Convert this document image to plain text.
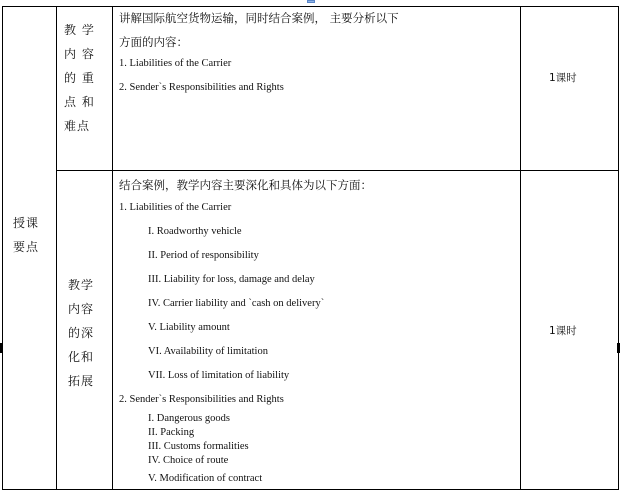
授课
要点
教 学
内 容
的 重
点 和
难点
讲解国际航空货物运输，同时结合案例， 主要分析以下
方面的内容：
1. Liabilities of the Carrier
2. Sender`s Responsibilities and Rights
1课时
教学
内容
的深
化和
拓展
结合案例，教学内容主要深化和具体为以下方面：
1. Liabilities of the Carrier
I. Roadworthy vehicle
II. Period of responsibility
III. Liability for loss, damage and delay
IV. Carrier liability and `cash on delivery`
V. Liability amount
VI. Availability of limitation
VII. Loss of limitation of liability
2. Sender`s Responsibilities and Rights
I. Dangerous goods
II. Packing
III. Customs formalities
IV. Choice of route
V. Modification of contract
1课时
